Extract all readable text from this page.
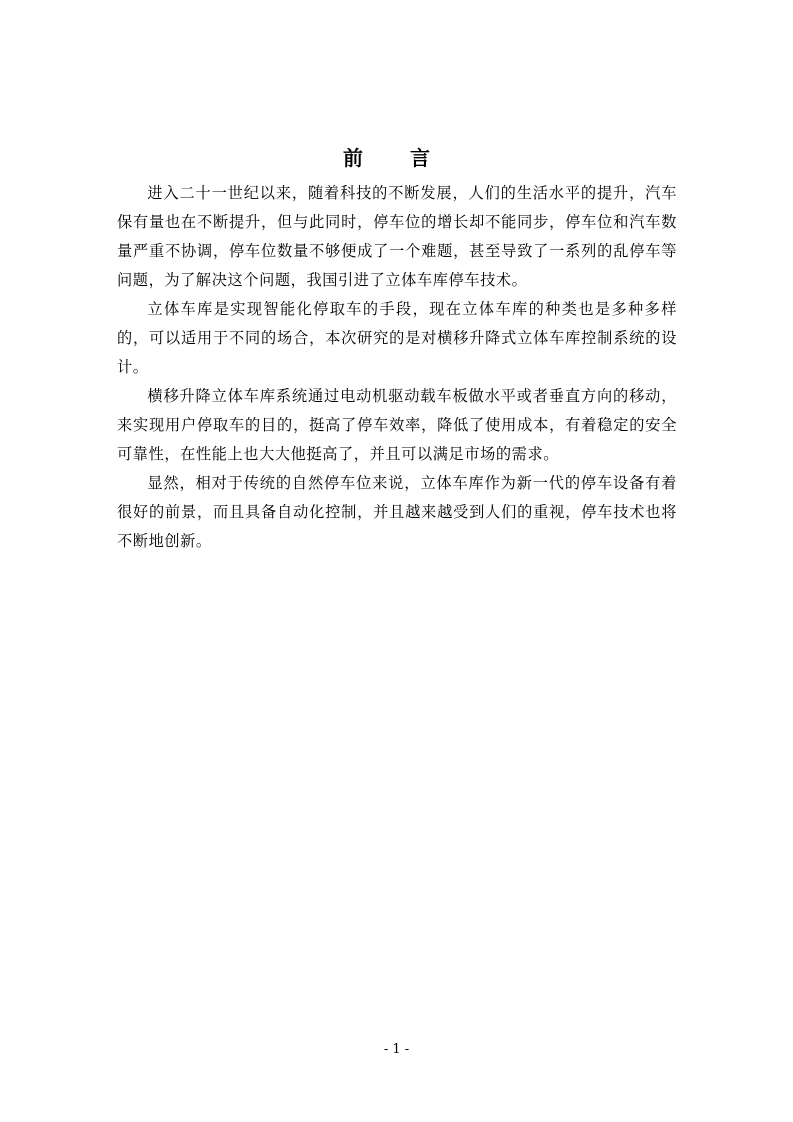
前 言

进入二十一世纪以来，随着科技的不断发展，人们的生活水平的提升，汽车保有量也在不断提升，但与此同时，停车位的增长却不能同步，停车位和汽车数量严重不协调，停车位数量不够便成了一个难题，甚至导致了一系列的乱停车等问题，为了解决这个问题，我国引进了立体车库停车技术。

立体车库是实现智能化停取车的手段，现在立体车库的种类也是多种多样的，可以适用于不同的场合，本次研究的是对横移升降式立体车库控制系统的设计。

横移升降立体车库系统通过电动机驱动载车板做水平或者垂直方向的移动，来实现用户停取车的目的，挺高了停车效率，降低了使用成本，有着稳定的安全可靠性，在性能上也大大他挺高了，并且可以满足市场的需求。

显然，相对于传统的自然停车位来说，立体车库作为新一代的停车设备有着很好的前景，而且具备自动化控制，并且越来越受到人们的重视，停车技术也将不断地创新。

- 1 -
